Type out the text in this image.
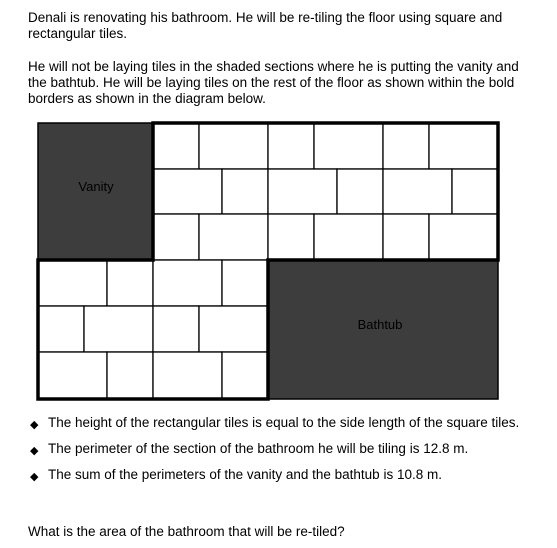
Denali is renovating his bathroom. He will be re-tiling the floor using square and rectangular tiles.

He will not be laying tiles in the shaded sections where he is putting the vanity and the bathtub. He will be laying tiles on the rest of the floor as shown within the bold borders as shown in the diagram below.

Vanity
Bathtub
◆ The height of the rectangular tiles is equal to the side length of the square tiles.
◆ The perimeter of the section of the bathroom he will be tiling is 12.8 m.
◆ The sum of the perimeters of the vanity and the bathtub is 10.8 m.

What is the area of the bathroom that will be re-tiled?
